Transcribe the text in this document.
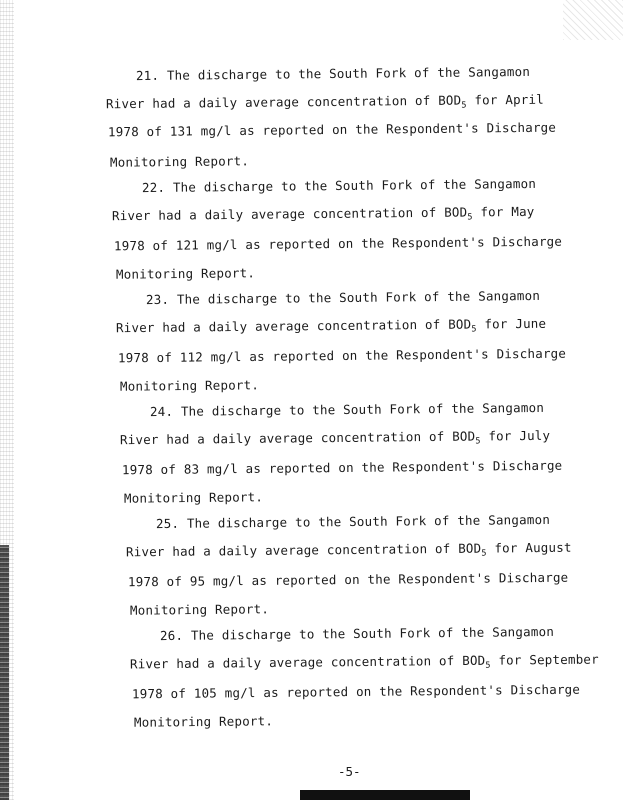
21. The discharge to the South Fork of the Sangamon
River had a daily average concentration of $BOD_5$ for April
1978 of 131 mg/l as reported on the Respondent's Discharge
Monitoring Report.
22. The discharge to the South Fork of the Sangamon
River had a daily average concentration of $BOD_5$ for May
1978 of 121 mg/l as reported on the Respondent's Discharge
Monitoring Report.
23. The discharge to the South Fork of the Sangamon
River had a daily average concentration of $BOD_5$ for June
1978 of 112 mg/l as reported on the Respondent's Discharge
Monitoring Report.
24. The discharge to the South Fork of the Sangamon
River had a daily average concentration of $BOD_5$ for July
1978 of 83 mg/l as reported on the Respondent's Discharge
Monitoring Report.
25. The discharge to the South Fork of the Sangamon
River had a daily average concentration of $BOD_5$ for August
1978 of 95 mg/l as reported on the Respondent's Discharge
Monitoring Report.
26. The discharge to the South Fork of the Sangamon
River had a daily average concentration of $BOD_5$ for September
1978 of 105 mg/l as reported on the Respondent's Discharge
Monitoring Report.
-5-
